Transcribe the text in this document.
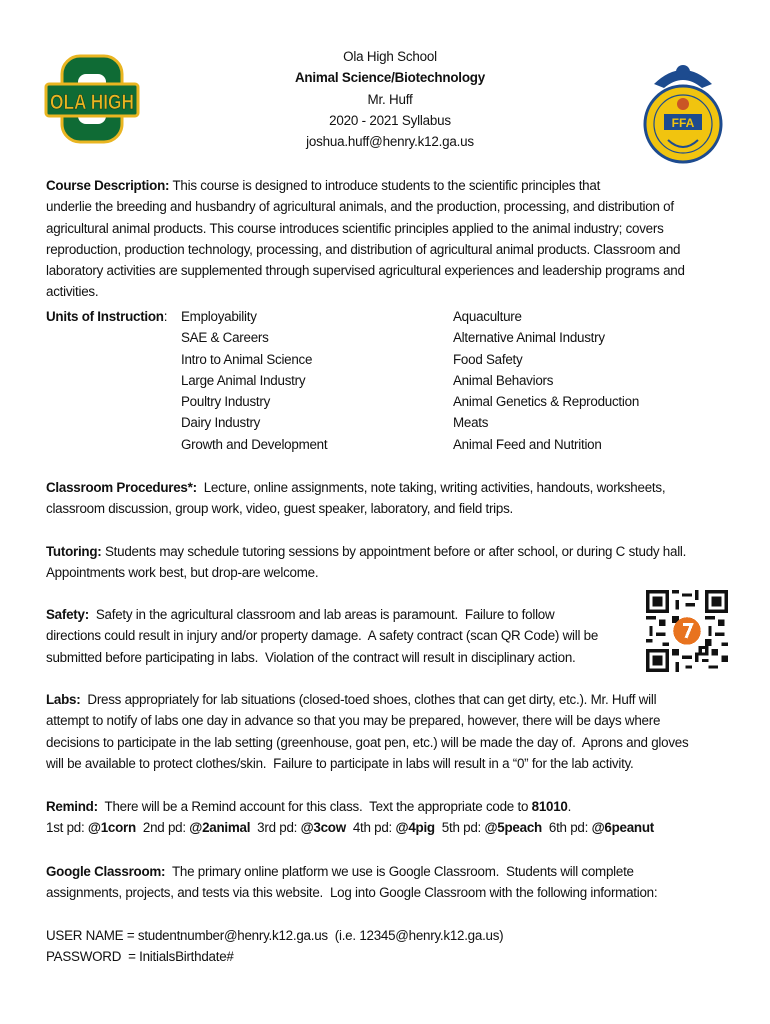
OLA HIGH
Ola High School
Animal Science/Biotechnology
Mr. Huff
2020 - 2021 Syllabus
joshua.huff@henry.k12.ga.us
FFA
Course Description: This course is designed to introduce students to the scientific principles that
underlie the breeding and husbandry of agricultural animals, and the production, processing, and distribution of
agricultural animal products. This course introduces scientific principles applied to the animal industry; covers
reproduction, production technology, processing, and distribution of agricultural animal products. Classroom and
laboratory activities are supplemented through supervised agricultural experiences and leadership programs and
activities.
Units of Instruction: Employability
SAE & Careers
Intro to Animal Science
Large Animal Industry
Poultry Industry
Dairy Industry
Growth and Development
Aquaculture
Alternative Animal Industry
Food Safety
Animal Behaviors
Animal Genetics & Reproduction
Meats
Animal Feed and Nutrition
Classroom Procedures*:  Lecture, online assignments, note taking, writing activities, handouts, worksheets,
classroom discussion, group work, video, guest speaker, laboratory, and field trips.
Tutoring: Students may schedule tutoring sessions by appointment before or after school, or during C study hall.
Appointments work best, but drop-are welcome.
Safety:  Safety in the agricultural classroom and lab areas is paramount.  Failure to follow
directions could result in injury and/or property damage.  A safety contract (scan QR Code) will be
submitted before participating in labs.  Violation of the contract will result in disciplinary action.
Labs:  Dress appropriately for lab situations (closed-toed shoes, clothes that can get dirty, etc.). Mr. Huff will
attempt to notify of labs one day in advance so that you may be prepared, however, there will be days where
decisions to participate in the lab setting (greenhouse, goat pen, etc.) will be made the day of.  Aprons and gloves
will be available to protect clothes/skin.  Failure to participate in labs will result in a “0” for the lab activity.
Remind:  There will be a Remind account for this class.  Text the appropriate code to 81010.
1st pd: @1corn  2nd pd: @2animal  3rd pd: @3cow  4th pd: @4pig  5th pd: @5peach  6th pd: @6peanut
Google Classroom:  The primary online platform we use is Google Classroom.  Students will complete
assignments, projects, and tests via this website.  Log into Google Classroom with the following information:
USER NAME = studentnumber@henry.k12.ga.us  (i.e. 12345@henry.k12.ga.us)
PASSWORD  = InitialsBirthdate#
